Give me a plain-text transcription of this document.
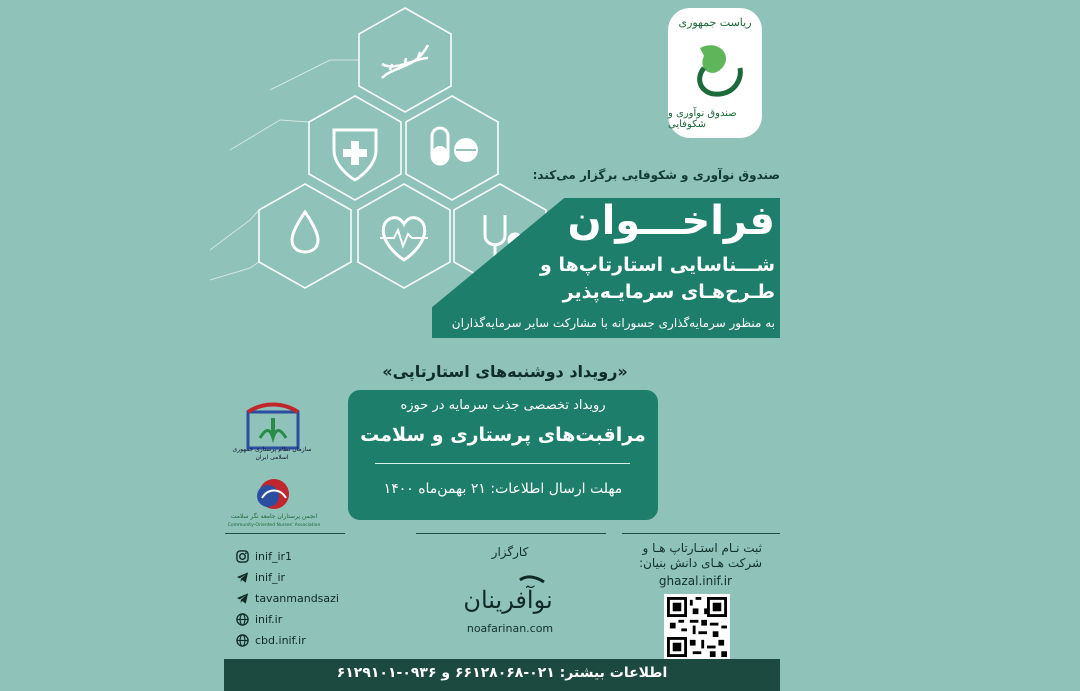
ریاست جمهوری
صندوق نوآوری و شکوفایی
صندوق نوآوری و شکوفایی برگزار می‌کند:
فراخـــوان
شـــناسایی استارتاپ‌ها و
طـرح‌هـای سرمایـه‌پذیر
به منظور سرمایه‌گذاری جسورانه با مشارکت سایر سرمایه‌گذاران
«رویداد دوشنبه‌های استارتاپی»
رویداد تخصصی جذب سرمایه در حوزه
مراقبت‌های پرستاری و سلامت
مهلت ارسال اطلاعات: ۲۱ بهمن‌ماه ۱۴۰۰
سازمان نظام پرستاری جمهوری اسلامی ایران
انجمن پرستاران جامعه نگر سلامت
Community-Oriented Nurses' Association
inif_ir1
inif_ir
tavanmandsazi
inif.ir
cbd.inif.ir
کارگزار
نوآفرینان
noafarinan.com
ثبت نـام استـارتاپ هـا و
شرکت هـای دانش بنیان:
ghazal.inif.ir
اطلاعات بیشتر: ۰۲۱-۶۶۱۲۸۰۶۸ و ۰۹۳۶-۶۱۲۹۱۰۱
